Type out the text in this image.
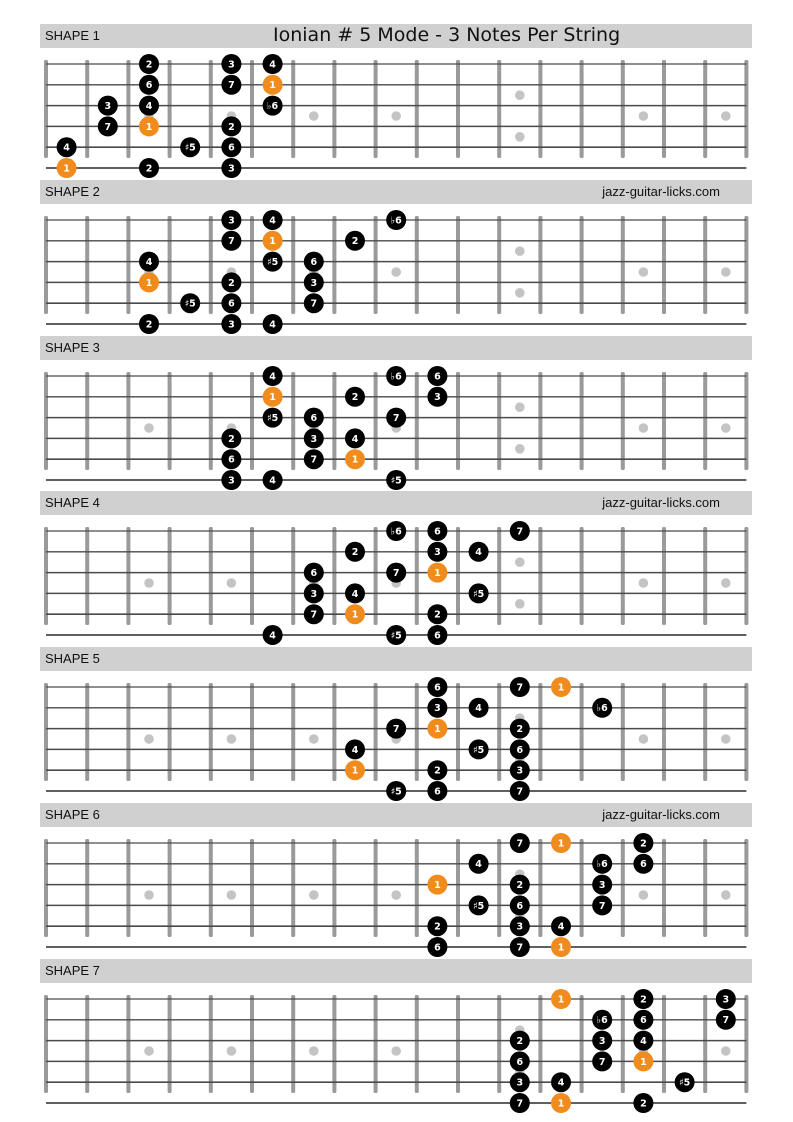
SHAPE 1	Ionian # 5 Mode - 3 Notes Per String
2	3	4
6	7	1
3	4	♭6
7	1	2
4	♯5	6
1	2	3
SHAPE 2	jazz-guitar-licks.com
3	4	♭6
7	1	2
4	♯5	6
1	2	3
♯5	6	7
2	3	4
SHAPE 3
4	♭6	6
1	2	3
♯5	6	7
2	3	4
6	7	1
3	4	♯5
SHAPE 4	jazz-guitar-licks.com
♭6	6	7
2	3	4
6	7	1
3	4	♯5
7	1	2
4	♯5	6
SHAPE 5
6	7	1
3	4	♭6
7	1	2
4	♯5	6
1	2	3
♯5	6	7
SHAPE 6	jazz-guitar-licks.com
7	1	2
4	♭6	6
1	2	3
♯5	6	7
2	3	4
6	7	1
SHAPE 7
1	2	3
♭6	6	7
2	3	4
6	7	1
3	4	♯5
7	1	2
